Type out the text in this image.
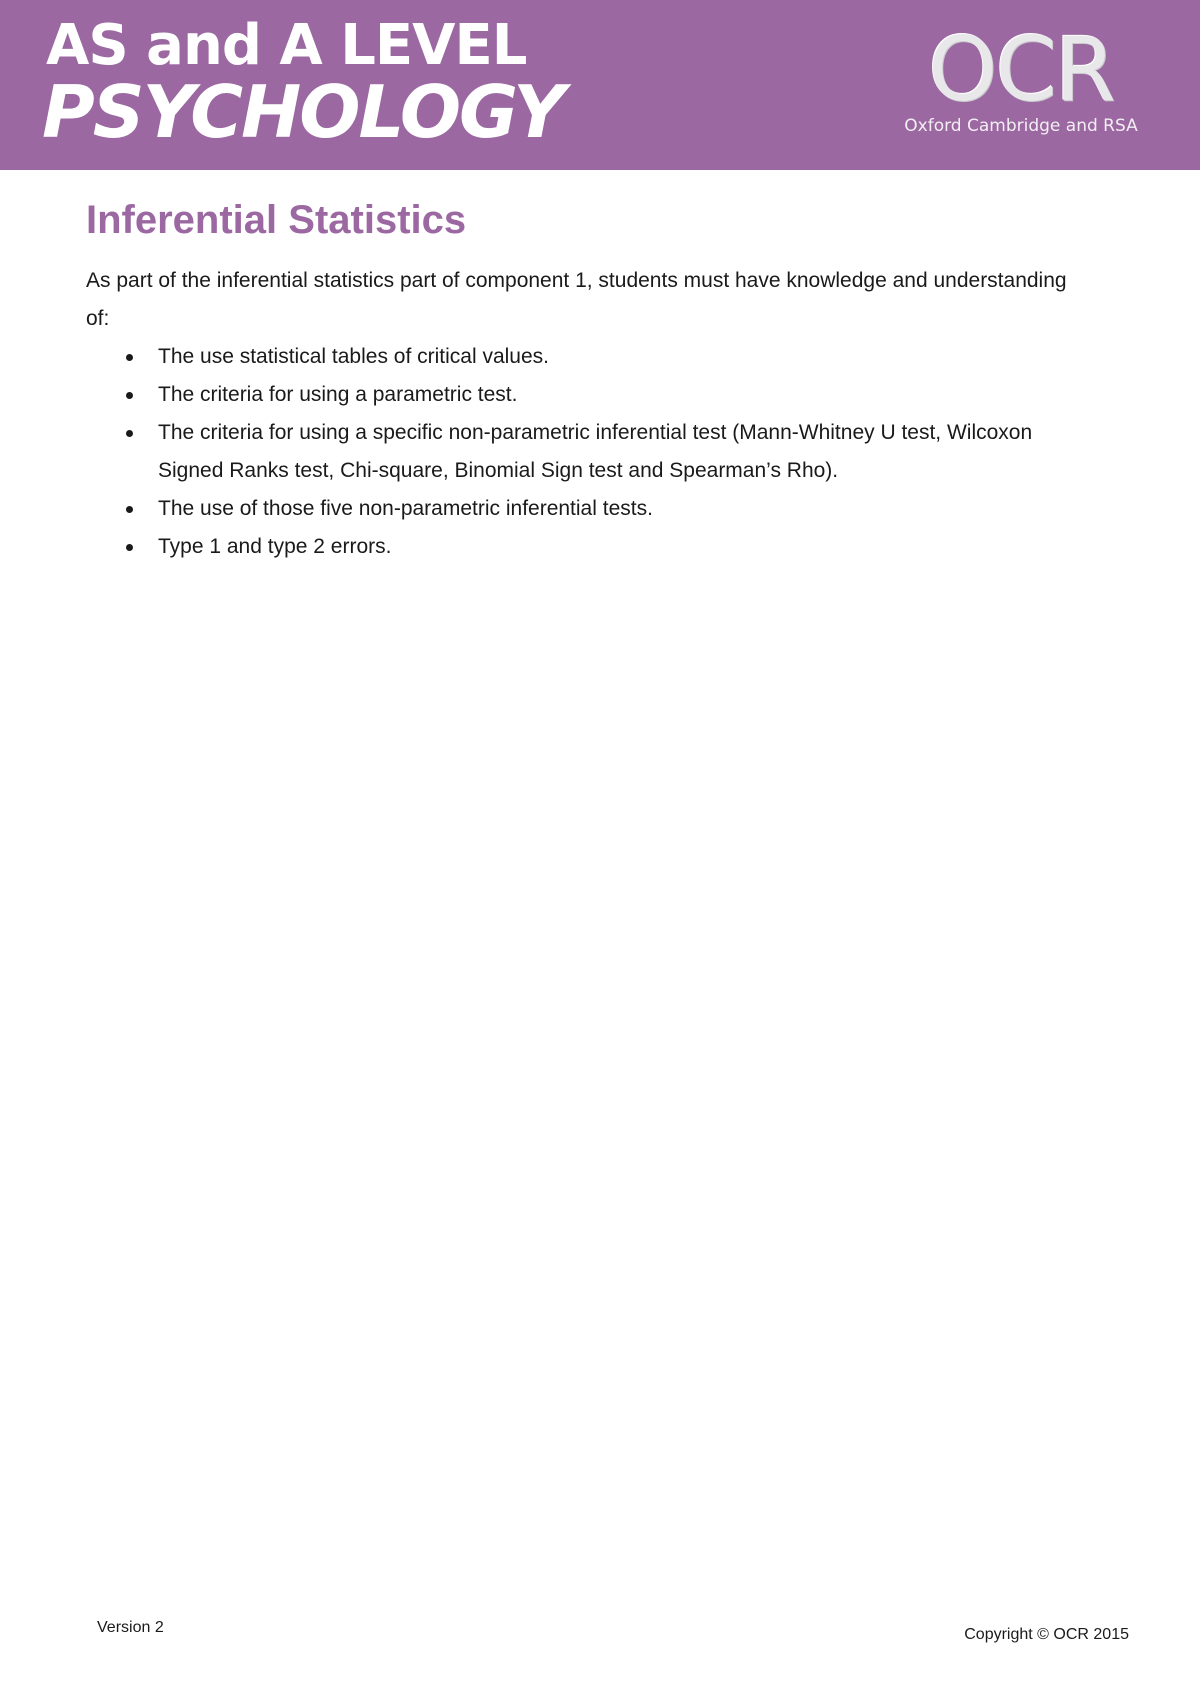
AS and A LEVEL
PSYCHOLOGY	OCR
Oxford Cambridge and RSA
Inferential Statistics

As part of the inferential statistics part of component 1, students must have knowledge and understanding of:

The use statistical tables of critical values.
The criteria for using a parametric test.
The criteria for using a specific non-parametric inferential test (Mann-Whitney U test, Wilcoxon Signed Ranks test, Chi-square, Binomial Sign test and Spearman’s Rho).
The use of those five non-parametric inferential tests.
Type 1 and type 2 errors.
Version 2	Copyright © OCR 2015
